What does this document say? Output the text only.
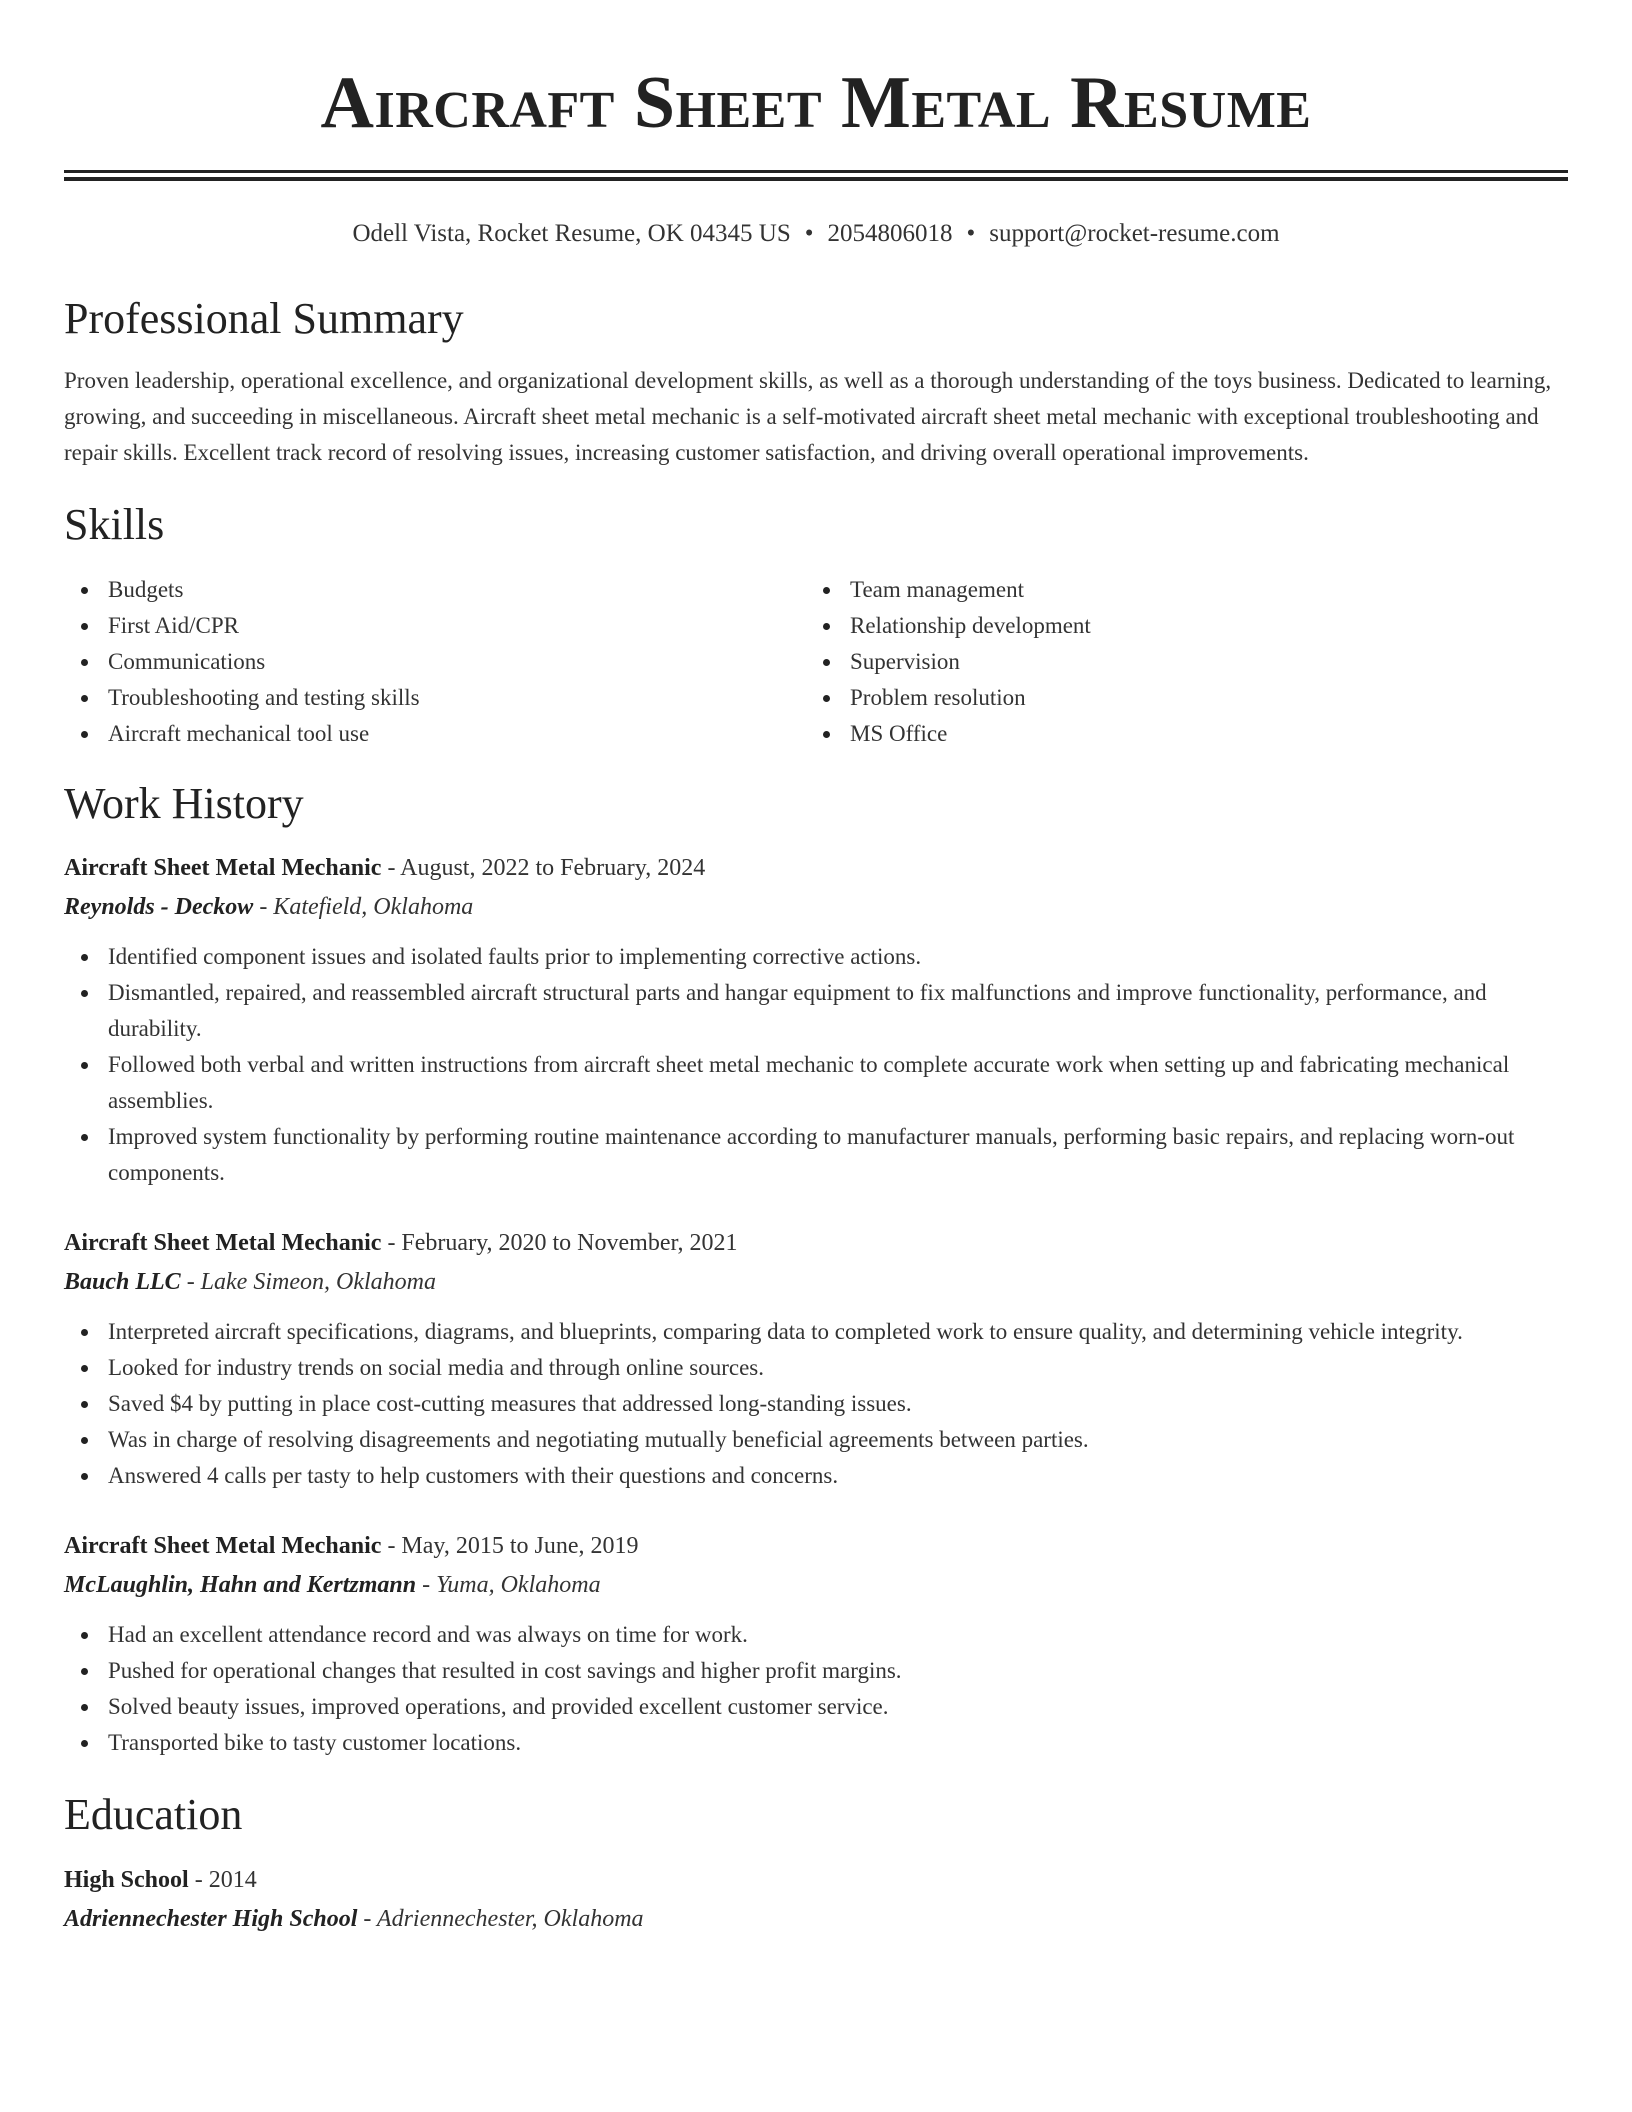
Aircraft Sheet Metal Resume
Odell Vista, Rocket Resume, OK 04345 US • 2054806018 • support@rocket-resume.com
Professional Summary
Proven leadership, operational excellence, and organizational development skills, as well as a thorough understanding of the toys business. Dedicated to learning, growing, and succeeding in miscellaneous. Aircraft sheet metal mechanic is a self-motivated aircraft sheet metal mechanic with exceptional troubleshooting and repair skills. Excellent track record of resolving issues, increasing customer satisfaction, and driving overall operational improvements.
Skills
Budgets
First Aid/CPR
Communications
Troubleshooting and testing skills
Aircraft mechanical tool use
Team management
Relationship development
Supervision
Problem resolution
MS Office
Work History
Aircraft Sheet Metal Mechanic - August, 2022 to February, 2024
Reynolds - Deckow - Katefield, Oklahoma
Identified component issues and isolated faults prior to implementing corrective actions.
Dismantled, repaired, and reassembled aircraft structural parts and hangar equipment to fix malfunctions and improve functionality, performance, and durability.
Followed both verbal and written instructions from aircraft sheet metal mechanic to complete accurate work when setting up and fabricating mechanical assemblies.
Improved system functionality by performing routine maintenance according to manufacturer manuals, performing basic repairs, and replacing worn-out components.
Aircraft Sheet Metal Mechanic - February, 2020 to November, 2021
Bauch LLC - Lake Simeon, Oklahoma
Interpreted aircraft specifications, diagrams, and blueprints, comparing data to completed work to ensure quality, and determining vehicle integrity.
Looked for industry trends on social media and through online sources.
Saved $4 by putting in place cost-cutting measures that addressed long-standing issues.
Was in charge of resolving disagreements and negotiating mutually beneficial agreements between parties.
Answered 4 calls per tasty to help customers with their questions and concerns.
Aircraft Sheet Metal Mechanic - May, 2015 to June, 2019
McLaughlin, Hahn and Kertzmann - Yuma, Oklahoma
Had an excellent attendance record and was always on time for work.
Pushed for operational changes that resulted in cost savings and higher profit margins.
Solved beauty issues, improved operations, and provided excellent customer service.
Transported bike to tasty customer locations.
Education
High School - 2014
Adriennechester High School - Adriennechester, Oklahoma
